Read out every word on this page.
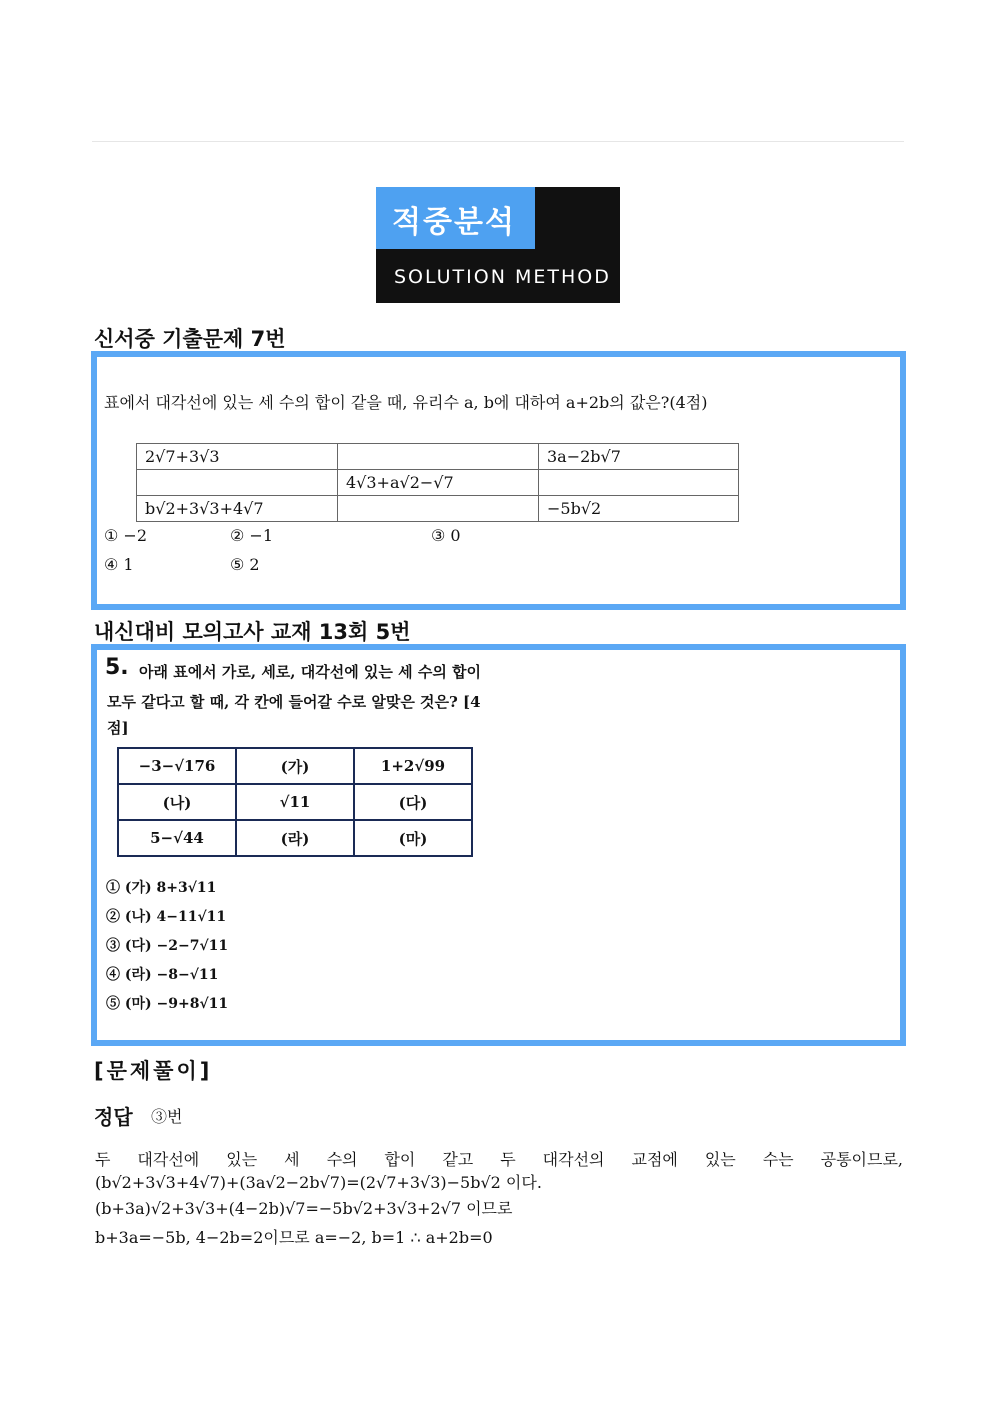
적중분석
SOLUTION METHOD
신서중 기출문제 7번
표에서 대각선에 있는 세 수의 합이 같을 때, 유리수 a, b에 대하여 a+2b의 값은?(4점)
2√7+3√3		3a−2b√7
	4√3+a√2−√7	
b√2+3√3+4√7		−5b√2
① −2	② −1	③ 0
④ 1	⑤ 2
내신대비 모의고사 교재 13회 5번
5. 아래 표에서 가로, 세로, 대각선에 있는 세 수의 합이
모두 같다고 할 때, 각 칸에 들어갈 수로 알맞은 것은? [4
점]
−3−√176	(가)	1+2√99
(나)	√11	(다)
5−√44	(라)	(마)
① (가) 8+3√11
② (나) 4−11√11
③ (다) −2−7√11
④ (라) −8−√11
⑤ (마) −9+8√11
[문제풀이]
정답 ③번
두 대각선에 있는 세 수의 합이 같고 두 대각선의 교점에 있는 수는 공통이므로,
(b√2+3√3+4√7)+(3a√2−2b√7)=(2√7+3√3)−5b√2 이다.
(b+3a)√2+3√3+(4−2b)√7=−5b√2+3√3+2√7 이므로
b+3a=−5b, 4−2b=2이므로 a=−2, b=1 ∴ a+2b=0
